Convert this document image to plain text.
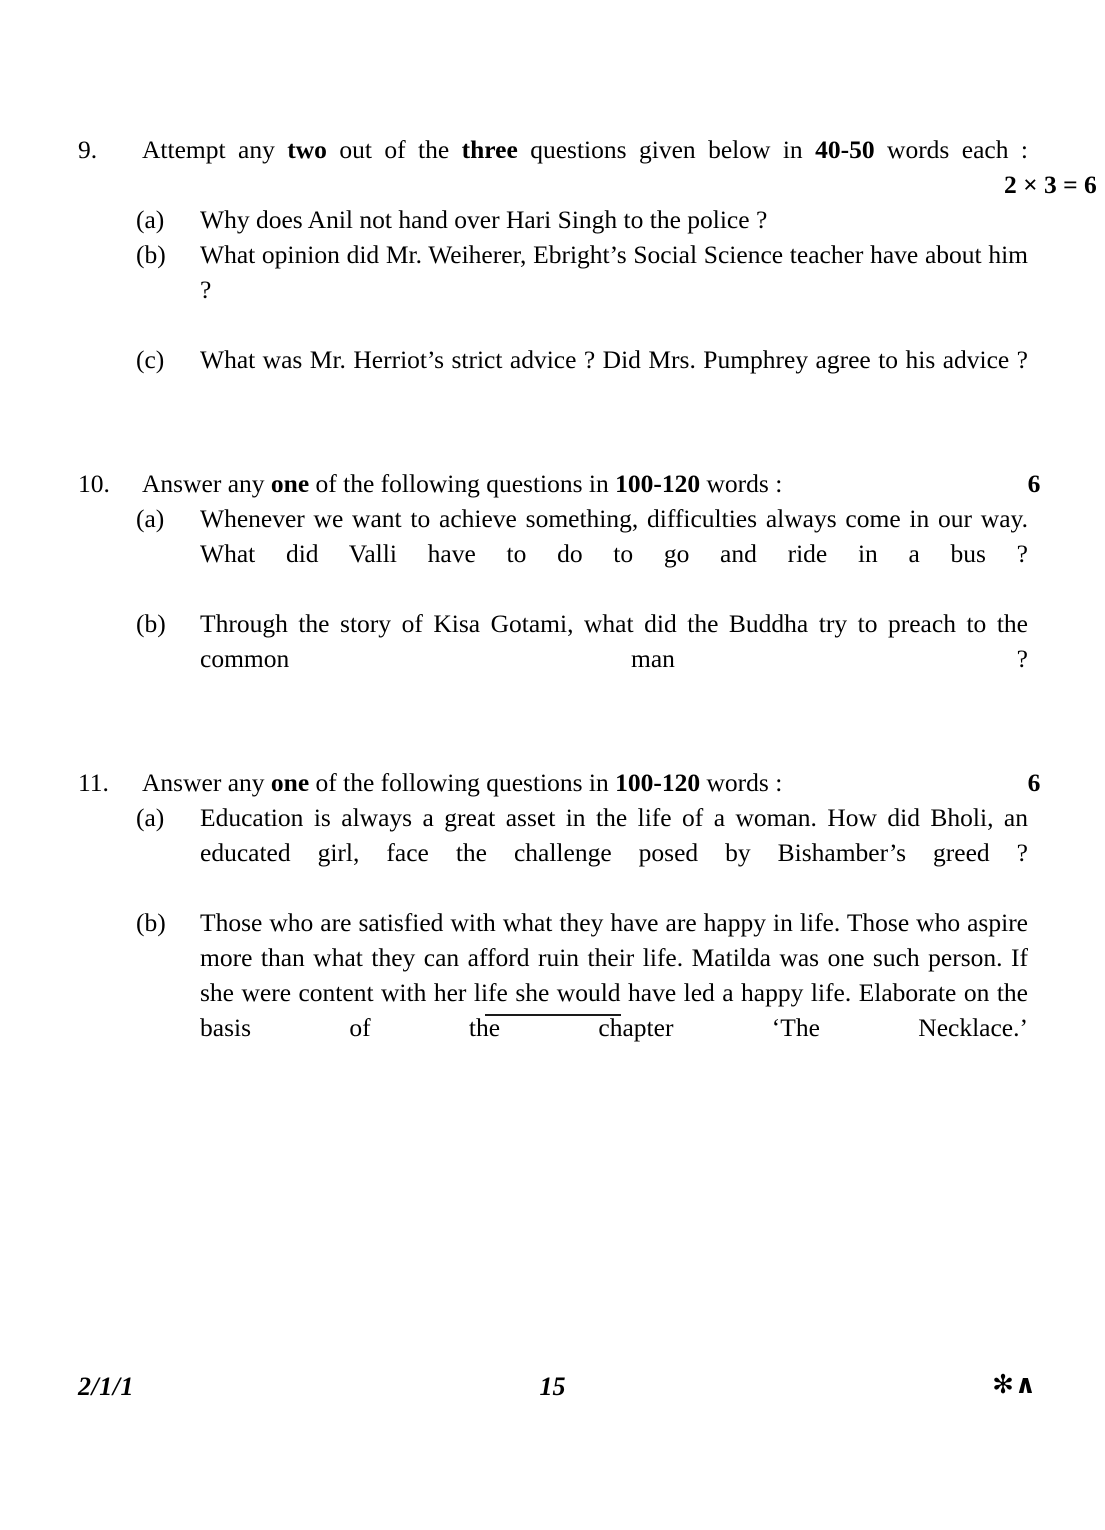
9.	Attempt any two out of the three questions given below in 40-50 words each :
2 × 3 = 6
(a)	Why does Anil not hand over Hari Singh to the police ?
(b)	What opinion did Mr. Weiherer, Ebright’s Social Science teacher have about him ?
(c)	What was Mr. Herriot’s strict advice ? Did Mrs. Pumphrey agree to his advice ?
10.	Answer any one of the following questions in 100-120 words :	6
(a)	Whenever we want to achieve something, difficulties always come in our way. What did Valli have to do to go and ride in a bus ?
(b)	Through the story of Kisa Gotami, what did the Buddha try to preach to the common man ?
11.	Answer any one of the following questions in 100-120 words :	6
(a)	Education is always a great asset in the life of a woman. How did Bholi, an educated girl, face the challenge posed by Bishamber’s greed ?
(b)	Those who are satisfied with what they have are happy in life. Those who aspire more than what they can afford ruin their life. Matilda was one such person. If she were content with her life she would have led a happy life. Elaborate on the basis of the chapter ‘The Necklace.’
2/1/1	15	✻∧
